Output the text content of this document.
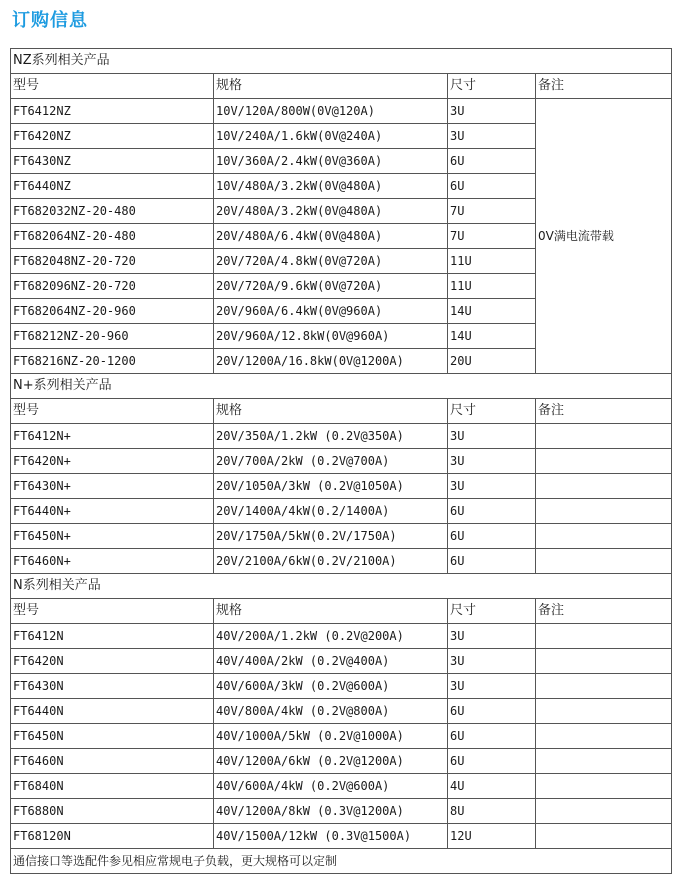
订购信息
NZ系列相关产品			
型号	规格	尺寸	备注
FT6412NZ	10V/120A/800W(0V@120A)	3U	0V满电流带载
FT6420NZ	10V/240A/1.6kW(0V@240A)	3U	
FT6430NZ	10V/360A/2.4kW(0V@360A)	6U	
FT6440NZ	10V/480A/3.2kW(0V@480A)	6U	
FT682032NZ-20-480	20V/480A/3.2kW(0V@480A)	7U	
FT682064NZ-20-480	20V/480A/6.4kW(0V@480A)	7U	
FT682048NZ-20-720	20V/720A/4.8kW(0V@720A)	11U	
FT682096NZ-20-720	20V/720A/9.6kW(0V@720A)	11U	
FT682064NZ-20-960	20V/960A/6.4kW(0V@960A)	14U	
FT68212NZ-20-960	20V/960A/12.8kW(0V@960A)	14U	
FT68216NZ-20-1200	20V/1200A/16.8kW(0V@1200A)	20U	
N+系列相关产品			
型号	规格	尺寸	备注
FT6412N+	20V/350A/1.2kW (0.2V@350A)	3U	
FT6420N+	20V/700A/2kW (0.2V@700A)	3U	
FT6430N+	20V/1050A/3kW (0.2V@1050A)	3U	
FT6440N+	20V/1400A/4kW(0.2/1400A)	6U	
FT6450N+	20V/1750A/5kW(0.2V/1750A)	6U	
FT6460N+	20V/2100A/6kW(0.2V/2100A)	6U	
N系列相关产品			
型号	规格	尺寸	备注
FT6412N	40V/200A/1.2kW (0.2V@200A)	3U	
FT6420N	40V/400A/2kW (0.2V@400A)	3U	
FT6430N	40V/600A/3kW (0.2V@600A)	3U	
FT6440N	40V/800A/4kW (0.2V@800A)	6U	
FT6450N	40V/1000A/5kW (0.2V@1000A)	6U	
FT6460N	40V/1200A/6kW (0.2V@1200A)	6U	
FT6840N	40V/600A/4kW (0.2V@600A)	4U	
FT6880N	40V/1200A/8kW (0.3V@1200A)	8U	
FT68120N	40V/1500A/12kW (0.3V@1500A)	12U	
通信接口等选配件参见相应常规电子负载，更大规格可以定制			
